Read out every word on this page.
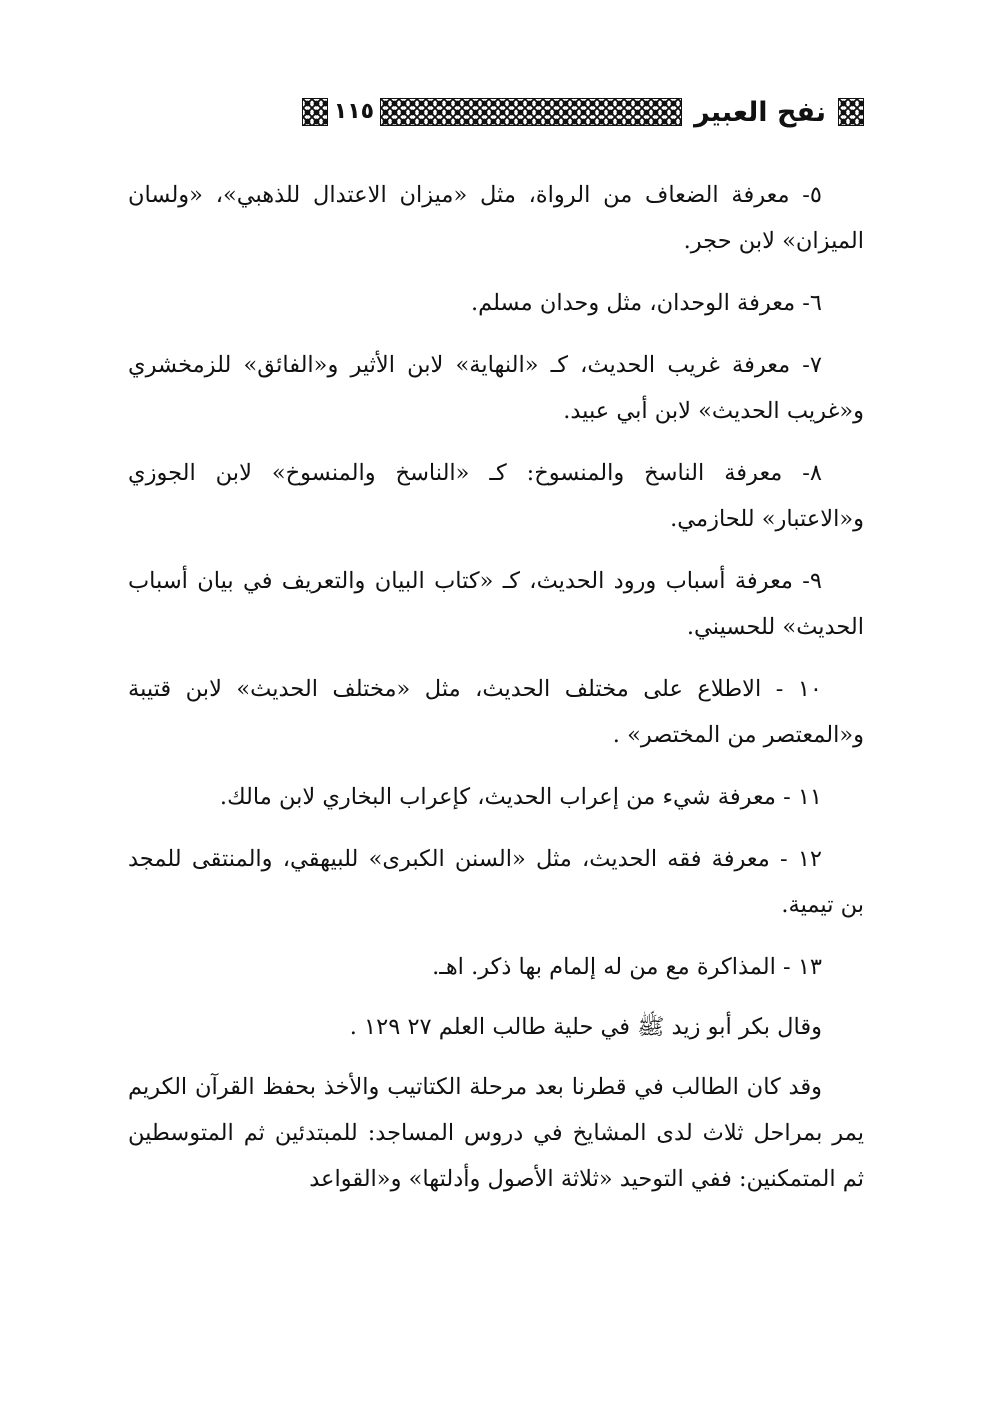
نفح العبير
١١٥

٥- معرفة الضعاف من الرواة، مثل «ميزان الاعتدال للذهبي»، «ولسان الميزان» لابن حجر.

٦- معرفة الوحدان، مثل وحدان مسلم.

٧- معرفة غريب الحديث، كـ «النهاية» لابن الأثير و«الفائق» للزمخشري و«غريب الحديث» لابن أبي عبيد.

٨- معرفة الناسخ والمنسوخ: كـ «الناسخ والمنسوخ» لابن الجوزي و«الاعتبار» للحازمي.

٩- معرفة أسباب ورود الحديث، كـ «كتاب البيان والتعريف في بيان أسباب الحديث» للحسيني.

١٠ - الاطلاع على مختلف الحديث، مثل «مختلف الحديث» لابن قتيبة و«المعتصر من المختصر» .

١١ - معرفة شيء من إعراب الحديث، كإعراب البخاري لابن مالك.

١٢ - معرفة فقه الحديث، مثل «السنن الكبرى» للبيهقي، والمنتقى للمجد بن تيمية.

١٣ - المذاكرة مع من له إلمام بها ذكر. اهـ.

وقال بكر أبو زيد ﷺ في حلية طالب العلم ٢٧ ١٢٩ .

وقد كان الطالب في قطرنا بعد مرحلة الكتاتيب والأخذ بحفظ القرآن الكريم يمر بمراحل ثلاث لدى المشايخ في دروس المساجد: للمبتدئين ثم المتوسطين ثم المتمكنين: ففي التوحيد «ثلاثة الأصول وأدلتها» و«القواعد
